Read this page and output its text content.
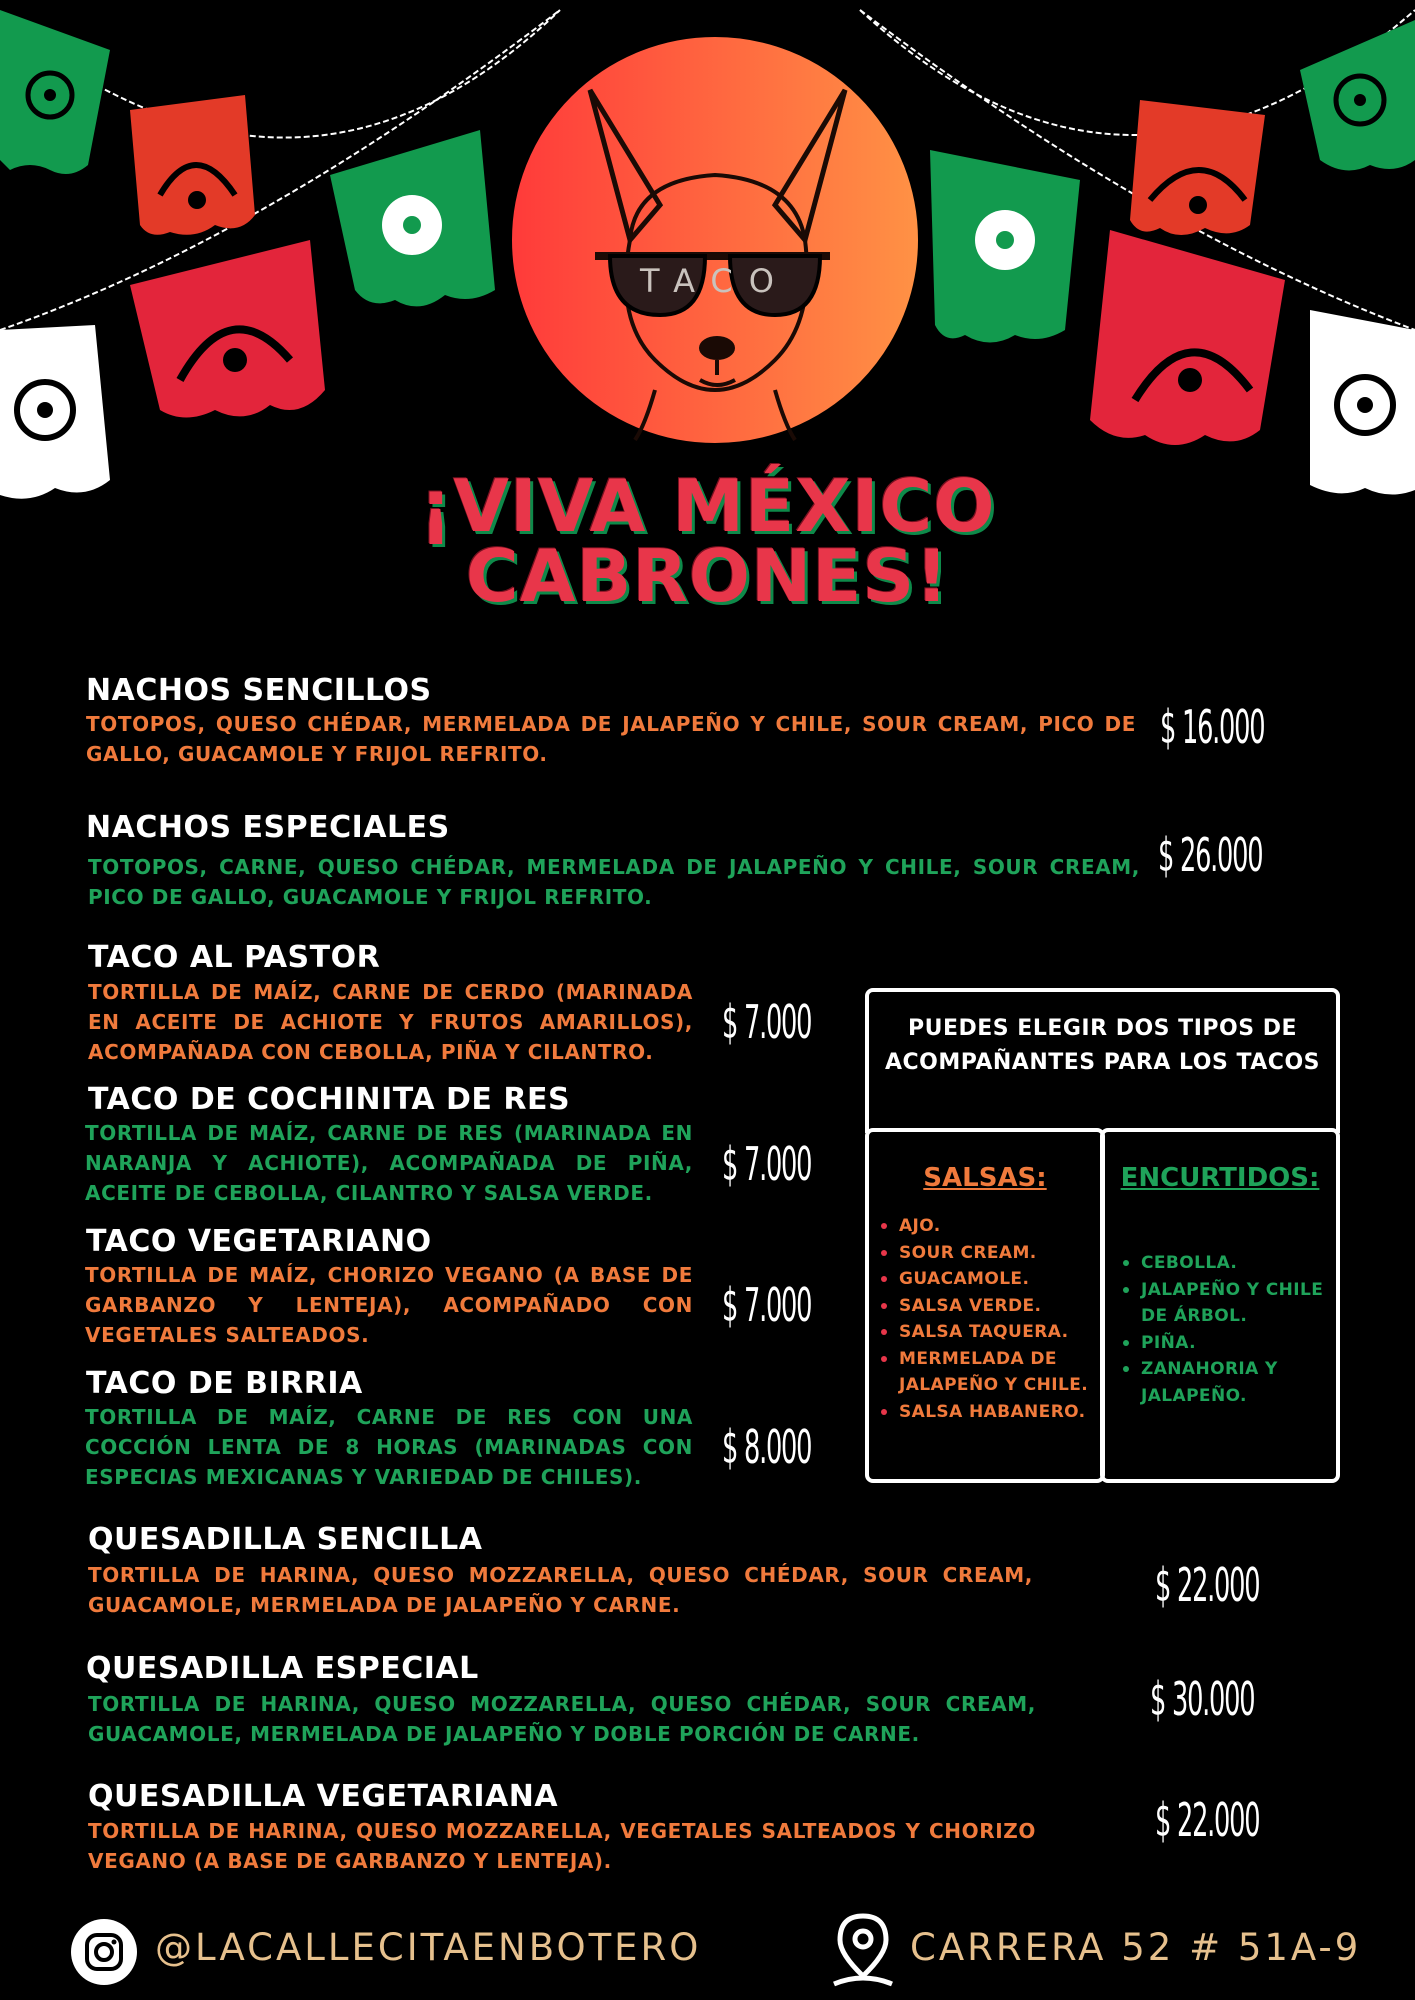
TACO
¡VIVA MÉXICO
CABRONES!
NACHOS SENCILLOS
TOTOPOS, QUESO CHÉDAR, MERMELADA DE JALAPEÑO Y CHILE, SOUR CREAM, PICO DE GALLO, GUACAMOLE Y FRIJOL REFRITO.	$ 16.000
NACHOS ESPECIALES
TOTOPOS, CARNE, QUESO CHÉDAR, MERMELADA DE JALAPEÑO Y CHILE, SOUR CREAM, PICO DE GALLO, GUACAMOLE Y FRIJOL REFRITO.
$ 26.000
TACO AL PASTOR
TORTILLA DE MAÍZ, CARNE DE CERDO (MARINADA EN ACEITE DE ACHIOTE Y FRUTOS AMARILLOS), ACOMPAÑADA CON CEBOLLA, PIÑA Y CILANTRO.
$ 7.000
TACO DE COCHINITA DE RES
TORTILLA DE MAÍZ, CARNE DE RES (MARINADA EN NARANJA Y ACHIOTE), ACOMPAÑADA DE PIÑA, ACEITE DE CEBOLLA, CILANTRO Y SALSA VERDE.
$ 7.000
TACO VEGETARIANO
TORTILLA DE MAÍZ, CHORIZO VEGANO (A BASE DE GARBANZO Y LENTEJA), ACOMPAÑADO CON VEGETALES SALTEADOS.
$ 7.000
TACO DE BIRRIA
TORTILLA DE MAÍZ, CARNE DE RES CON UNA COCCIÓN LENTA DE 8 HORAS (MARINADAS CON ESPECIAS MEXICANAS Y VARIEDAD DE CHILES).
$ 8.000
PUEDES ELEGIR DOS TIPOS DE ACOMPAÑANTES PARA LOS TACOS
SALSAS:
AJO.
SOUR CREAM.
GUACAMOLE.
SALSA VERDE.
SALSA TAQUERA.
MERMELADA DE JALAPEÑO Y CHILE.
SALSA HABANERO.
ENCURTIDOS:
CEBOLLA.
JALAPEÑO Y CHILE DE ÁRBOL.
PIÑA.
ZANAHORIA Y JALAPEÑO.
QUESADILLA SENCILLA
TORTILLA DE HARINA, QUESO MOZZARELLA, QUESO CHÉDAR, SOUR CREAM, GUACAMOLE, MERMELADA DE JALAPEÑO Y CARNE.	$ 22.000
QUESADILLA ESPECIAL
TORTILLA DE HARINA, QUESO MOZZARELLA, QUESO CHÉDAR, SOUR CREAM, GUACAMOLE, MERMELADA DE JALAPEÑO Y DOBLE PORCIÓN DE CARNE.
$ 30.000
QUESADILLA VEGETARIANA
TORTILLA DE HARINA, QUESO MOZZARELLA, VEGETALES SALTEADOS Y CHORIZO VEGANO (A BASE DE GARBANZO Y LENTEJA).
$ 22.000
@LACALLECITAENBOTERO	CARRERA 52 # 51A-9
